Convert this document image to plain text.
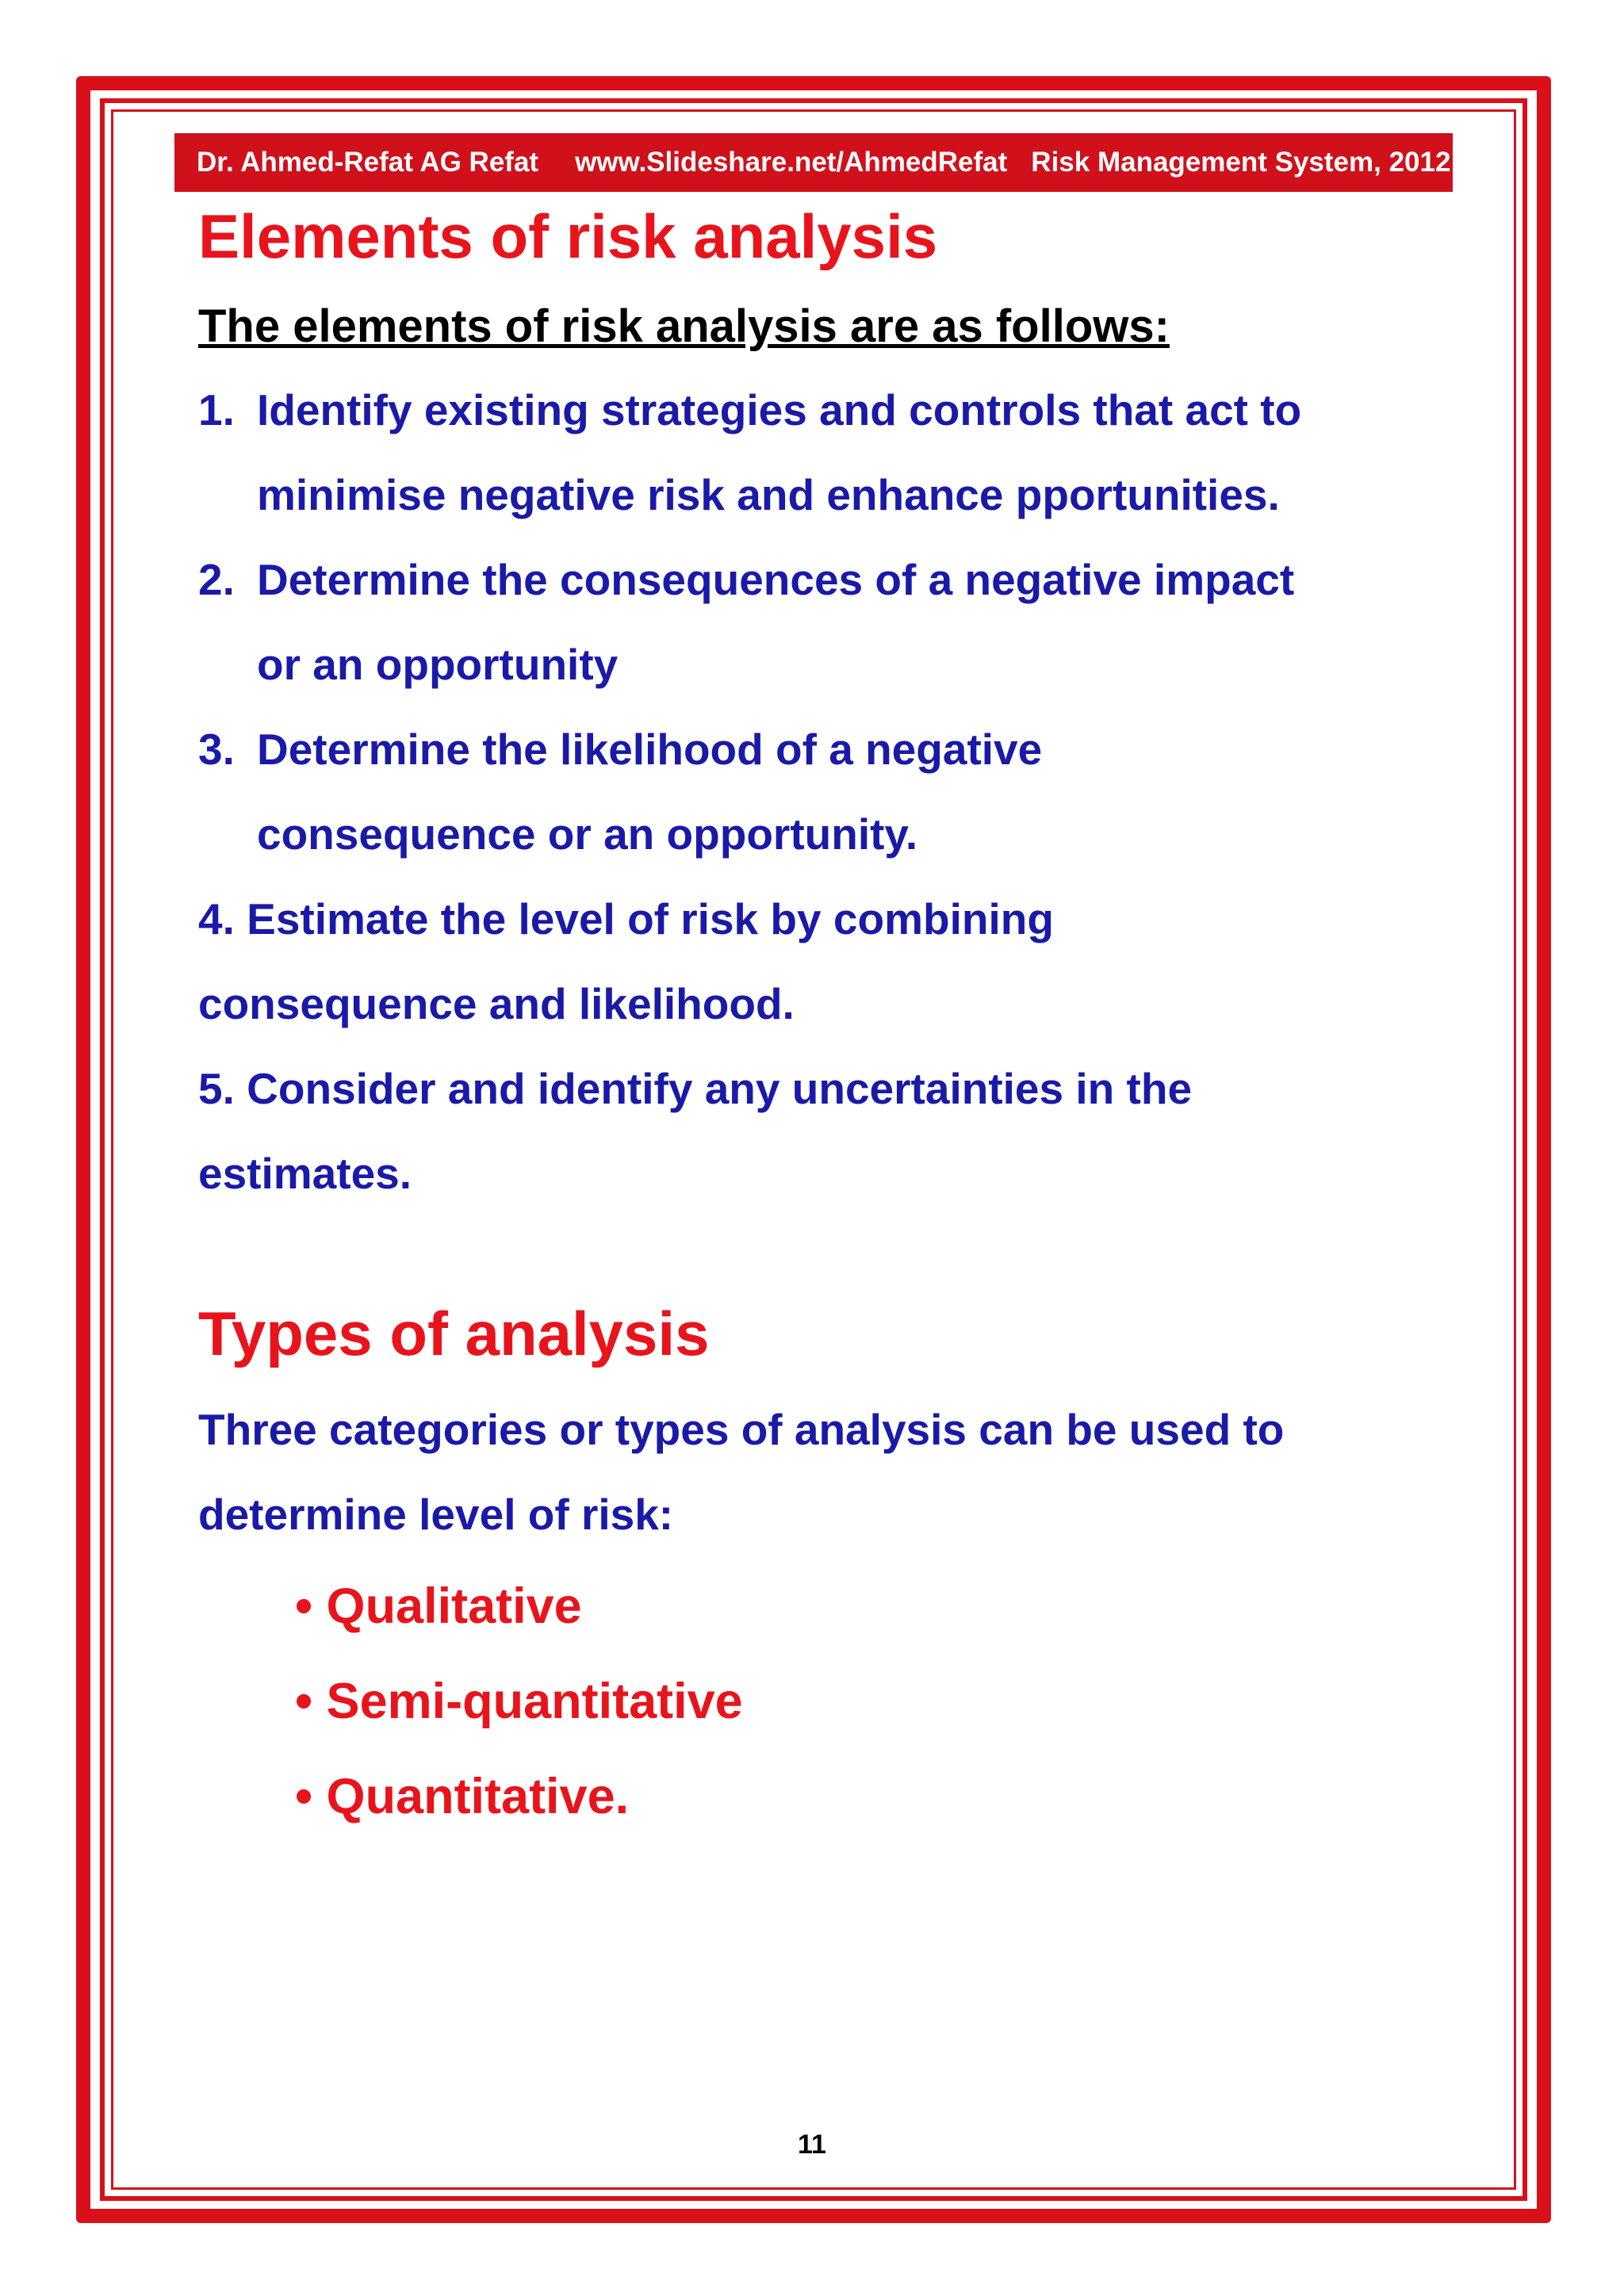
Dr. Ahmed-Refat AG Refat www.Slideshare.net/AhmedRefat Risk Management System, 2012
Elements of risk analysis
The elements of risk analysis are as follows:
1. Identify existing strategies and controls that act to
minimise negative risk and enhance pportunities.
2. Determine the consequences of a negative impact
or an opportunity
3. Determine the likelihood of a negative
consequence or an opportunity.
4. Estimate the level of risk by combining
consequence and likelihood.
5. Consider and identify any uncertainties in the
estimates.
Types of analysis
Three categories or types of analysis can be used to
determine level of risk:
• Qualitative
• Semi-quantitative
• Quantitative.
11
